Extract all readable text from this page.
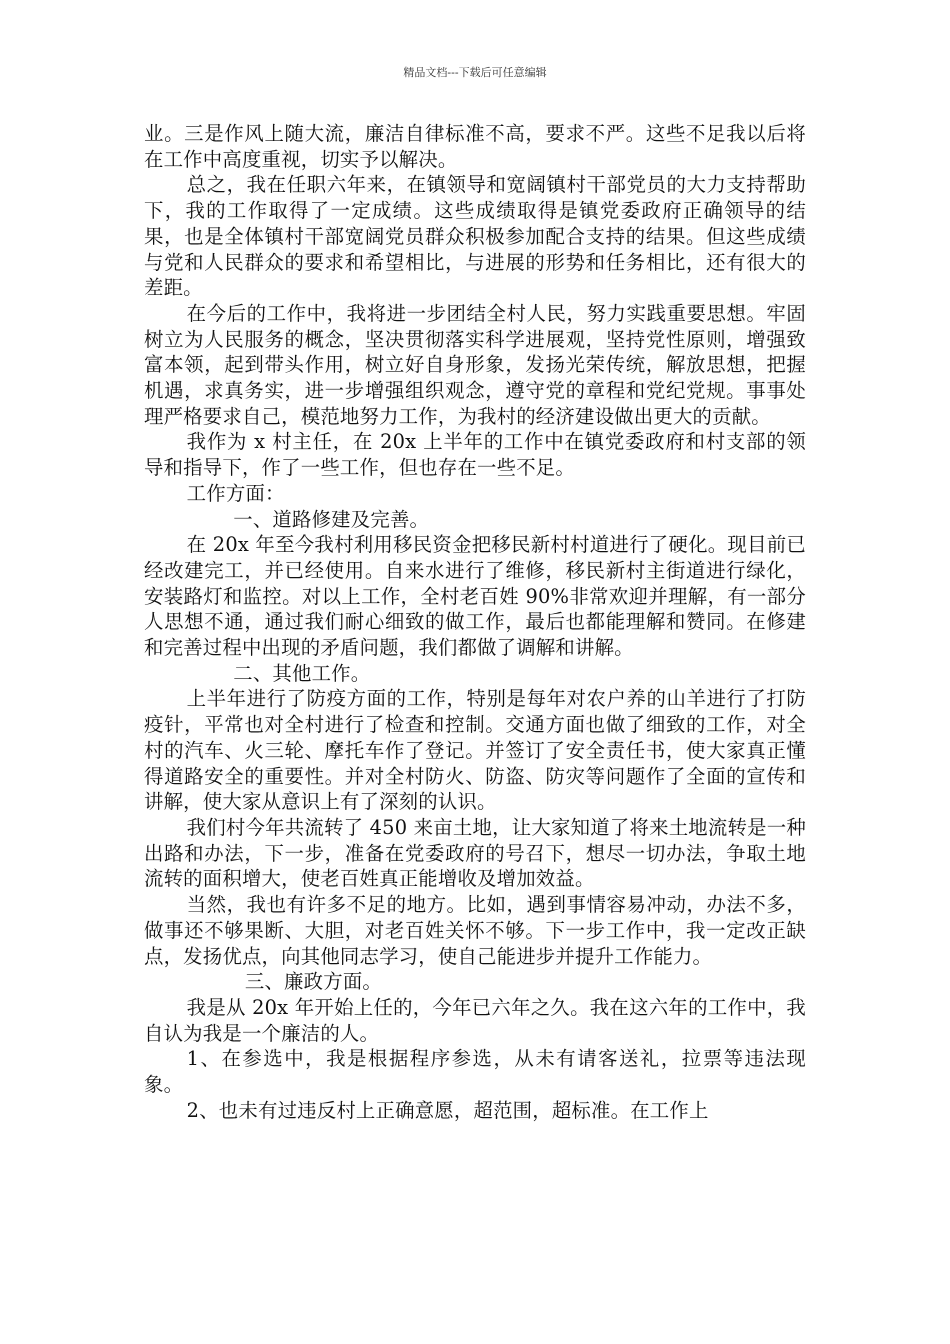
精品文档---下载后可任意编辑

业。三是作风上随大流，廉洁自律标准不高，要求不严。这些不足我以后将在工作中高度重视，切实予以解决。

总之，我在任职六年来，在镇领导和宽阔镇村干部党员的大力支持帮助下，我的工作取得了一定成绩。这些成绩取得是镇党委政府正确领导的结果，也是全体镇村干部宽阔党员群众积极参加配合支持的结果。但这些成绩与党和人民群众的要求和希望相比，与进展的形势和任务相比，还有很大的差距。

在今后的工作中，我将进一步团结全村人民，努力实践重要思想。牢固树立为人民服务的概念，坚决贯彻落实科学进展观，坚持党性原则，增强致富本领，起到带头作用，树立好自身形象，发扬光荣传统，解放思想，把握机遇，求真务实，进一步增强组织观念，遵守党的章程和党纪党规。事事处理严格要求自己，模范地努力工作，为我村的经济建设做出更大的贡献。

我作为 x 村主任，在 20x 上半年的工作中在镇党委政府和村支部的领导和指导下，作了一些工作，但也存在一些不足。

工作方面：

一、道路修建及完善。

在 20x 年至今我村利用移民资金把移民新村村道进行了硬化。现目前已经改建完工，并已经使用。自来水进行了维修，移民新村主街道进行绿化，安装路灯和监控。对以上工作，全村老百姓 90%非常欢迎并理解，有一部分人思想不通，通过我们耐心细致的做工作，最后也都能理解和赞同。在修建和完善过程中出现的矛盾问题，我们都做了调解和讲解。

二、其他工作。

上半年进行了防疫方面的工作，特别是每年对农户养的山羊进行了打防疫针，平常也对全村进行了检查和控制。交通方面也做了细致的工作，对全村的汽车、火三轮、摩托车作了登记。并签订了安全责任书，使大家真正懂得道路安全的重要性。并对全村防火、防盗、防灾等问题作了全面的宣传和讲解，使大家从意识上有了深刻的认识。

我们村今年共流转了 450 来亩土地，让大家知道了将来土地流转是一种出路和办法，下一步，准备在党委政府的号召下，想尽一切办法，争取土地流转的面积增大，使老百姓真正能增收及增加效益。

当然，我也有许多不足的地方。比如，遇到事情容易冲动，办法不多，做事还不够果断、大胆，对老百姓关怀不够。下一步工作中，我一定改正缺点，发扬优点，向其他同志学习，使自己能进步并提升工作能力。

三、廉政方面。

我是从 20x 年开始上任的，今年已六年之久。我在这六年的工作中，我自认为我是一个廉洁的人。

1、在参选中，我是根据程序参选，从未有请客送礼，拉票等违法现象。

2、也未有过违反村上正确意愿，超范围，超标准。在工作上
